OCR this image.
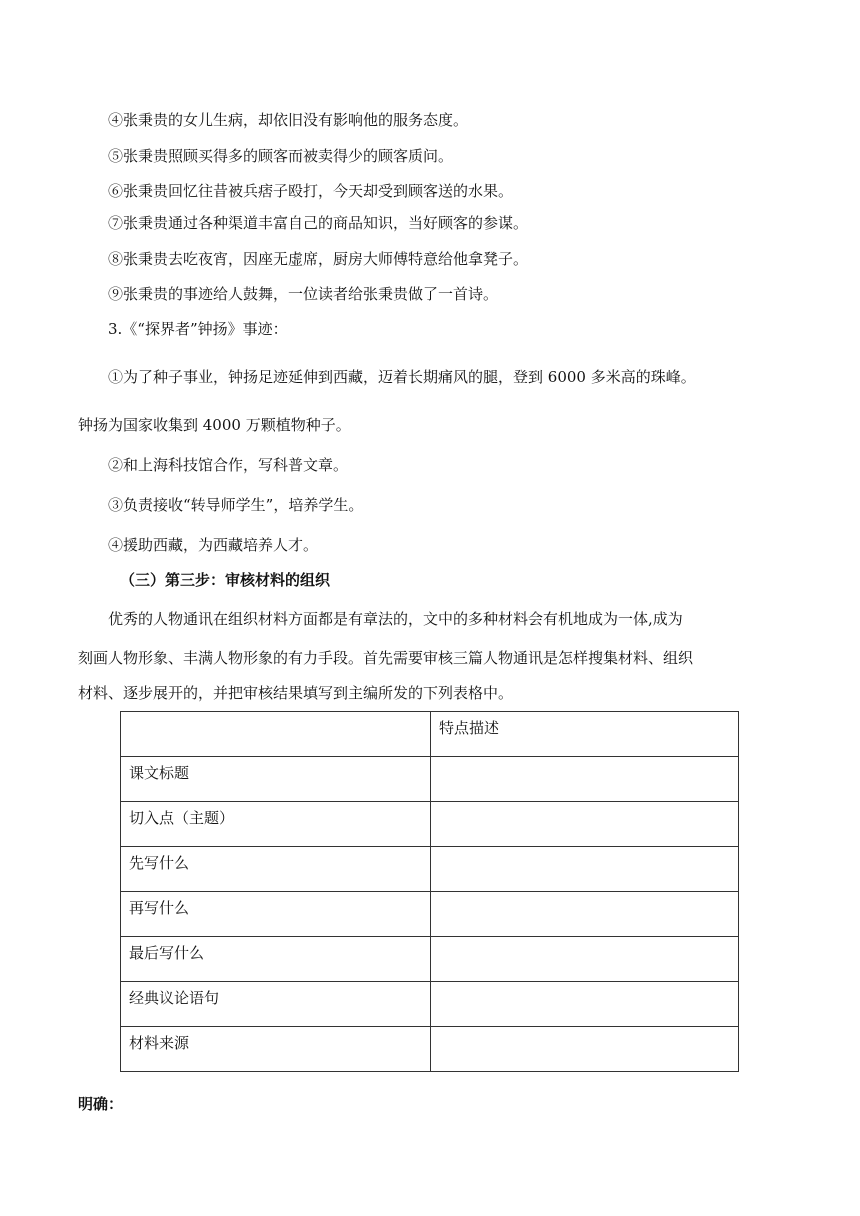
④张秉贵的女儿生病，却依旧没有影响他的服务态度。
⑤张秉贵照顾买得多的顾客而被卖得少的顾客质问。
⑥张秉贵回忆往昔被兵痞子殴打，今天却受到顾客送的水果。
⑦张秉贵通过各种渠道丰富自己的商品知识，当好顾客的参谋。
⑧张秉贵去吃夜宵，因座无虚席，厨房大师傅特意给他拿凳子。
⑨张秉贵的事迹给人鼓舞，一位读者给张秉贵做了一首诗。
3.《“探界者”钟扬》事迹：
①为了种子事业，钟扬足迹延伸到西藏，迈着长期痛风的腿，登到 6000 多米高的珠峰。
钟扬为国家收集到 4000 万颗植物种子。
②和上海科技馆合作，写科普文章。
③负责接收“转导师学生”，培养学生。
④援助西藏，为西藏培养人才。
（三）第三步：审核材料的组织
优秀的人物通讯在组织材料方面都是有章法的，文中的多种材料会有机地成为一体,成为
刻画人物形象、丰满人物形象的有力手段。首先需要审核三篇人物通讯是怎样搜集材料、组织
材料、逐步展开的，并把审核结果填写到主编所发的下列表格中。
	特点描述
课文标题	
切入点（主题）	
先写什么	
再写什么	
最后写什么	
经典议论语句	
材料来源	
明确：
